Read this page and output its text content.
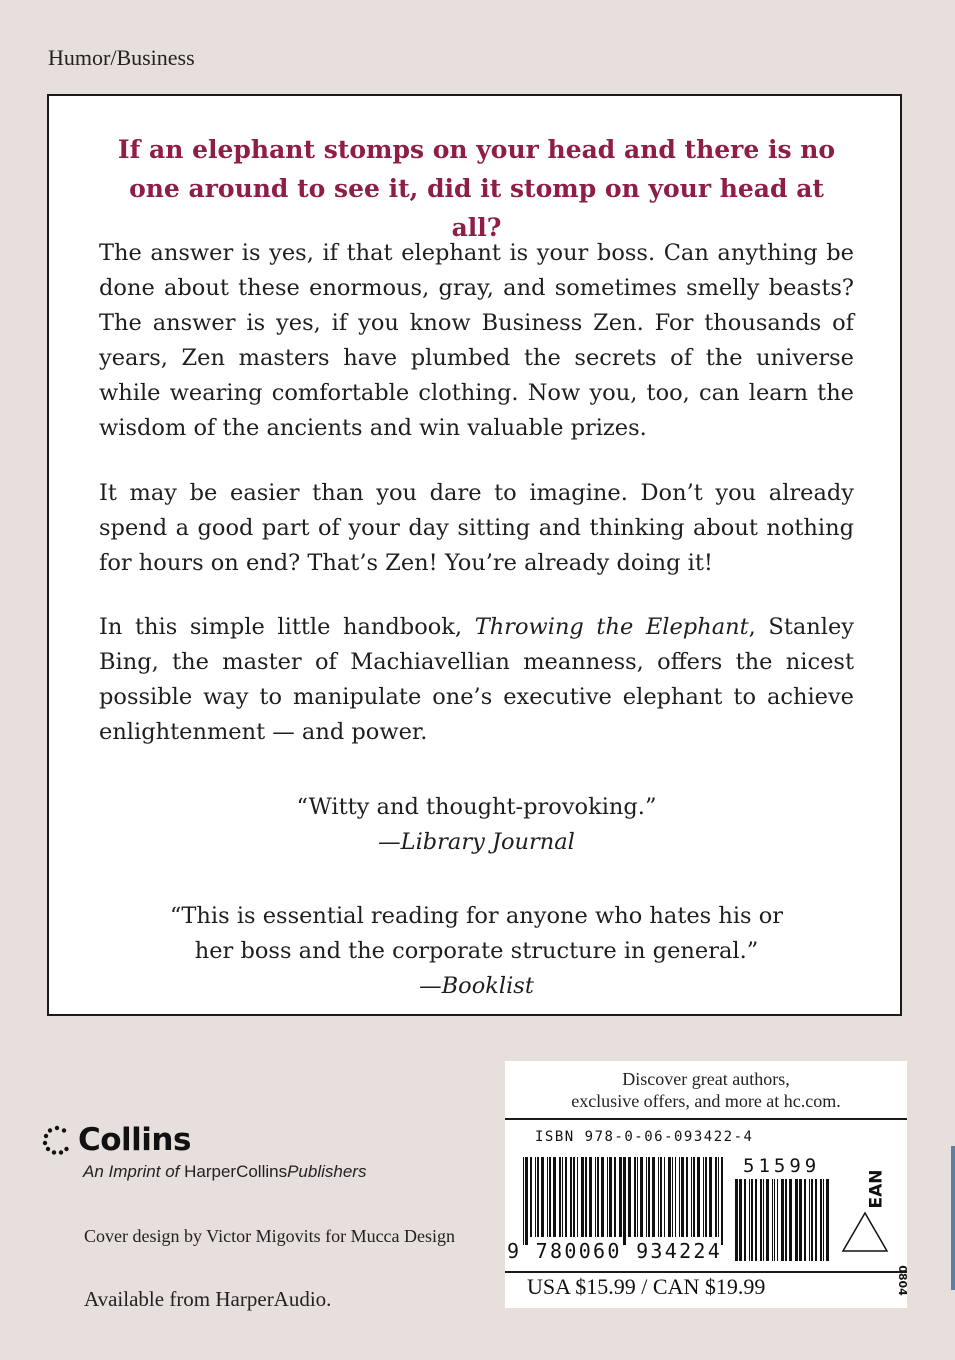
Humor/Business
If an elephant stomps on your head and there is no
one around to see it, did it stomp on your head at all?

The answer is yes, if that elephant is your boss. Can anything be done about these enormous, gray, and sometimes smelly beasts? The answer is yes, if you know Business Zen. For thousands of years, Zen masters have plumbed the secrets of the universe while wearing comfortable clothing. Now you, too, can learn the wisdom of the ancients and win valuable prizes.

It may be easier than you dare to imagine. Don’t you already spend a good part of your day sitting and thinking about nothing for hours on end? That’s Zen! You’re already doing it!

In this simple little handbook, Throwing the Elephant, Stanley Bing, the master of Machiavellian meanness, offers the nicest possible way to manipulate one’s executive elephant to achieve enlightenment — and power.

“Witty and thought-provoking.”
—Library Journal
“This is essential reading for anyone who hates his or
her boss and the corporate structure in general.”
—Booklist
Discover great authors,
exclusive offers, and more at hc.com.
ISBN 978-0-06-093422-4
51599
EAN
9 780060 934224
USA $15.99 / CAN $19.99	0804
Collins
An Imprint of HarperCollinsPublishers
Cover design by Victor Migovits for Mucca Design
Available from HarperAudio.
